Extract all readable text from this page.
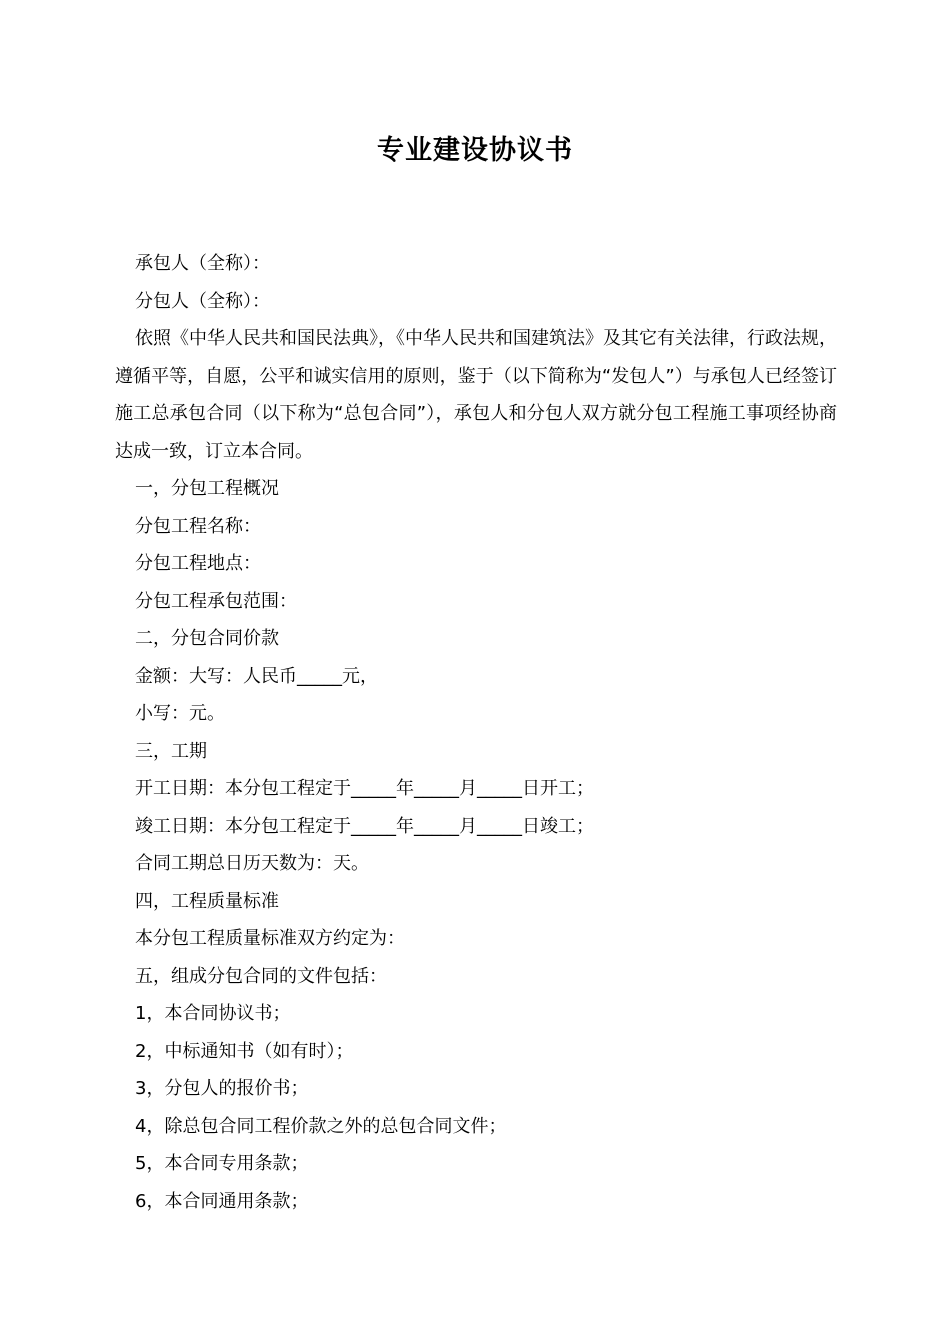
专业建设协议书

承包人（全称）：

分包人（全称）：

依照《中华人民共和国民法典》，《中华人民共和国建筑法》及其它有关法律，行政法规，遵循平等，自愿，公平和诚实信用的原则，鉴于（以下简称为“发包人”）与承包人已经签订施工总承包合同（以下称为“总包合同”），承包人和分包人双方就分包工程施工事项经协商达成一致，订立本合同。

一，分包工程概况

分包工程名称：

分包工程地点：

分包工程承包范围：

二，分包合同价款

金额：大写：人民币_____元，

小写：元。

三，工期

开工日期：本分包工程定于_____年_____月_____日开工；

竣工日期：本分包工程定于_____年_____月_____日竣工；

合同工期总日历天数为：天。

四，工程质量标准

本分包工程质量标准双方约定为：

五，组成分包合同的文件包括：

1，本合同协议书；

2，中标通知书（如有时）；

3，分包人的报价书；

4，除总包合同工程价款之外的总包合同文件；

5，本合同专用条款；

6，本合同通用条款；
